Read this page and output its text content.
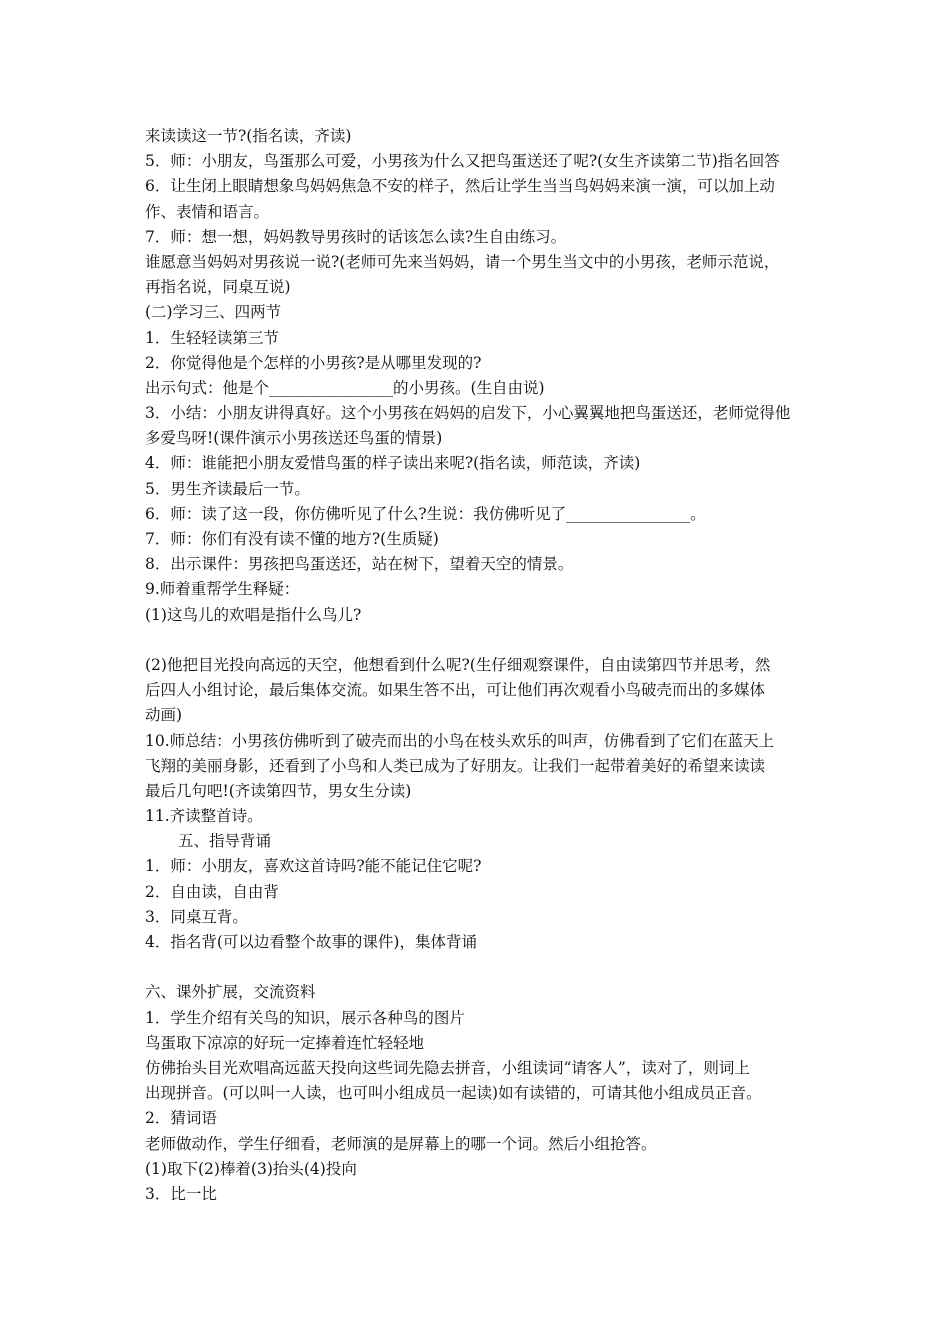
来读读这一节?(指名读，齐读)
5．师：小朋友，鸟蛋那么可爱，小男孩为什么又把鸟蛋送还了呢?(女生齐读第二节)指名回答
6．让生闭上眼睛想象鸟妈妈焦急不安的样子，然后让学生当当鸟妈妈来演一演，可以加上动
作、表情和语言。
7．师：想一想，妈妈教导男孩时的话该怎么读?生自由练习。
谁愿意当妈妈对男孩说一说?(老师可先来当妈妈，请一个男生当文中的小男孩，老师示范说，
再指名说，同桌互说)
(二)学习三、四两节
1．生轻轻读第三节
2．你觉得他是个怎样的小男孩?是从哪里发现的?
出示句式：他是个________________的小男孩。(生自由说)
3．小结：小朋友讲得真好。这个小男孩在妈妈的启发下，小心翼翼地把鸟蛋送还，老师觉得他
多爱鸟呀!(课件演示小男孩送还鸟蛋的情景)
4．师：谁能把小朋友爱惜鸟蛋的样子读出来呢?(指名读，师范读，齐读)
5．男生齐读最后一节。
6．师：读了这一段，你仿佛听见了什么?生说：我仿佛听见了________________。
7．师：你们有没有读不懂的地方?(生质疑)
8．出示课件：男孩把鸟蛋送还，站在树下，望着天空的情景。
9.师着重帮学生释疑：
(1)这鸟儿的欢唱是指什么鸟儿?
(2)他把目光投向高远的天空，他想看到什么呢?(生仔细观察课件，自由读第四节并思考，然
后四人小组讨论，最后集体交流。如果生答不出，可让他们再次观看小鸟破壳而出的多媒体
动画)
10.师总结：小男孩仿佛听到了破壳而出的小鸟在枝头欢乐的叫声，仿佛看到了它们在蓝天上
飞翔的美丽身影，还看到了小鸟和人类已成为了好朋友。让我们一起带着美好的希望来读读
最后几句吧!(齐读第四节，男女生分读)
11.齐读整首诗。
五、指导背诵
1．师：小朋友，喜欢这首诗吗?能不能记住它呢?
2．自由读，自由背
3．同桌互背。
4．指名背(可以边看整个故事的课件)，集体背诵
六、课外扩展，交流资料
1．学生介绍有关鸟的知识，展示各种鸟的图片
鸟蛋取下凉凉的好玩一定捧着连忙轻轻地
仿佛抬头目光欢唱高远蓝天投向这些词先隐去拼音，小组读词“请客人”，读对了，则词上
出现拼音。(可以叫一人读，也可叫小组成员一起读)如有读错的，可请其他小组成员正音。
2．猜词语
老师做动作，学生仔细看，老师演的是屏幕上的哪一个词。然后小组抢答。
(1)取下(2)棒着(3)抬头(4)投向
3．比一比
